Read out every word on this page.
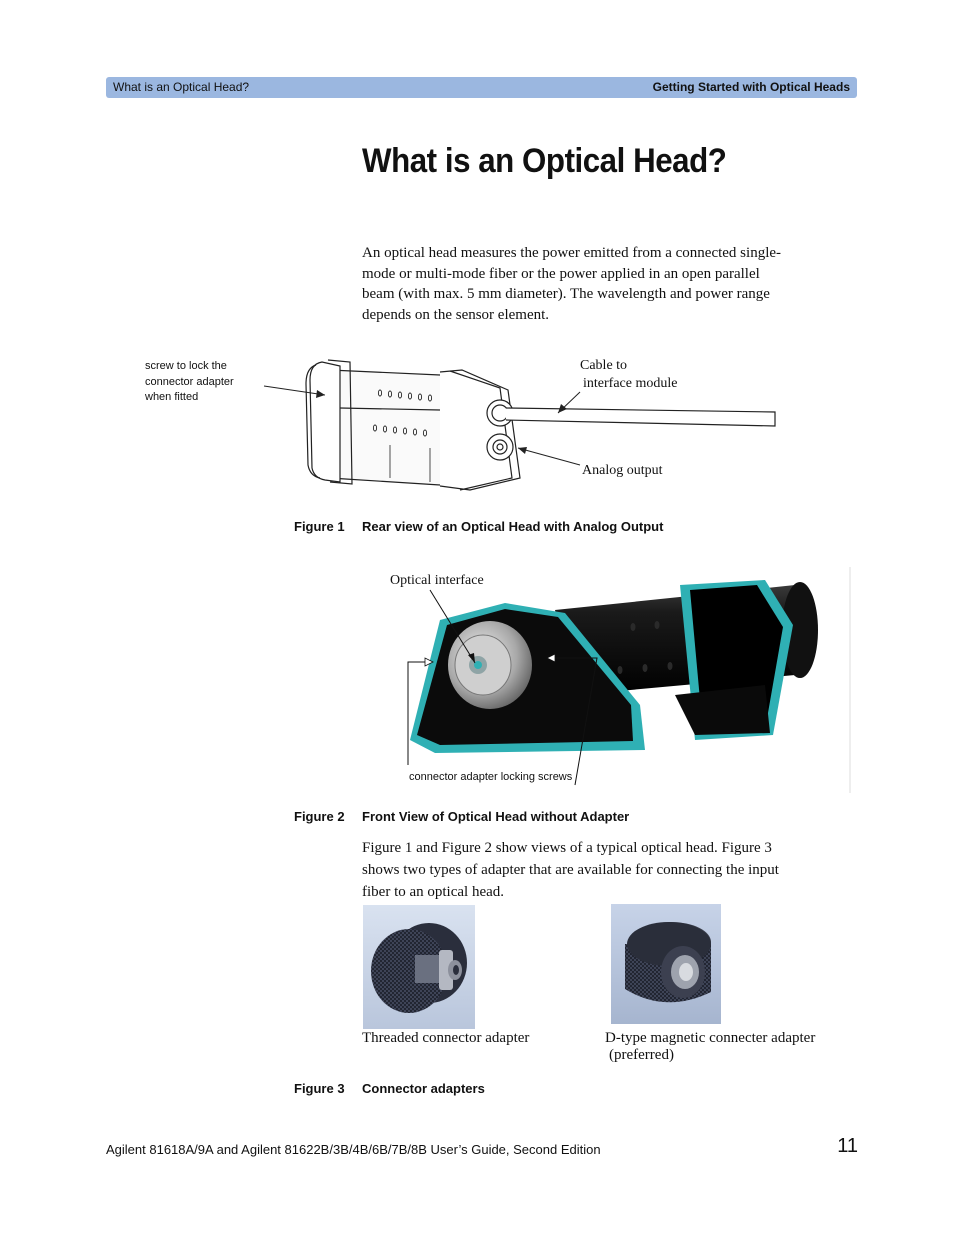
What is an Optical Head?	Getting Started with Optical Heads
What is an Optical Head?
An optical head measures the power emitted from a connected single-
mode or multi-mode fiber or the power applied in an open parallel
beam (with max. 5 mm diameter). The wavelength and power range
depends on the sensor element.
screw to lock the
connector adapter
when fitted
Cable to
interface module
Analog output
Figure 1 Rear view of an Optical Head with Analog Output
Optical interface
connector adapter locking screws
Figure 2 Front View of Optical Head without Adapter
Figure 1 and Figure 2 show views of a typical optical head. Figure 3
shows two types of adapter that are available for connecting the input
fiber to an optical head.
Threaded connector adapter	D-type magnetic connecter adapter
(preferred)
Figure 3 Connector adapters
Agilent 81618A/9A and Agilent 81622B/3B/4B/6B/7B/8B User’s Guide, Second Edition	11
